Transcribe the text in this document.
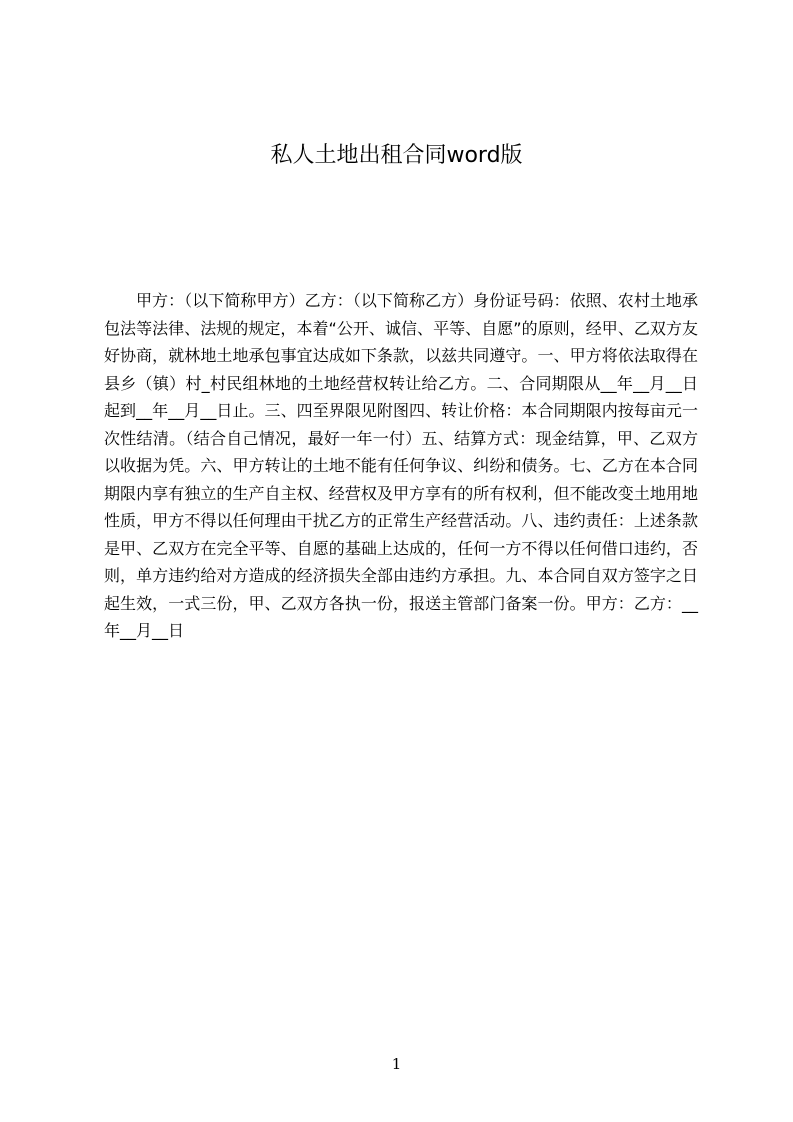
私人土地出租合同word版

甲方：（以下简称甲方）乙方：（以下简称乙方）身份证号码：依照、农村土地承包法等法律、法规的规定，本着“公开、诚信、平等、自愿”的原则，经甲、乙双方友好协商，就林地土地承包事宜达成如下条款，以兹共同遵守。一、甲方将依法取得在县乡（镇）村_村民组林地的土地经营权转让给乙方。二、合同期限从__年__月__日起到__年__月__日止。三、四至界限见附图四、转让价格：本合同期限内按每亩元一次性结清。（结合自己情况，最好一年一付）五、结算方式：现金结算，甲、乙双方以收据为凭。六、甲方转让的土地不能有任何争议、纠纷和债务。七、乙方在本合同期限内享有独立的生产自主权、经营权及甲方享有的所有权利，但不能改变土地用地性质，甲方不得以任何理由干扰乙方的正常生产经营活动。八、违约责任：上述条款是甲、乙双方在完全平等、自愿的基础上达成的，任何一方不得以任何借口违约，否则，单方违约给对方造成的经济损失全部由违约方承担。九、本合同自双方签字之日起生效，一式三份，甲、乙双方各执一份，报送主管部门备案一份。甲方：乙方：__年__月__日

1
